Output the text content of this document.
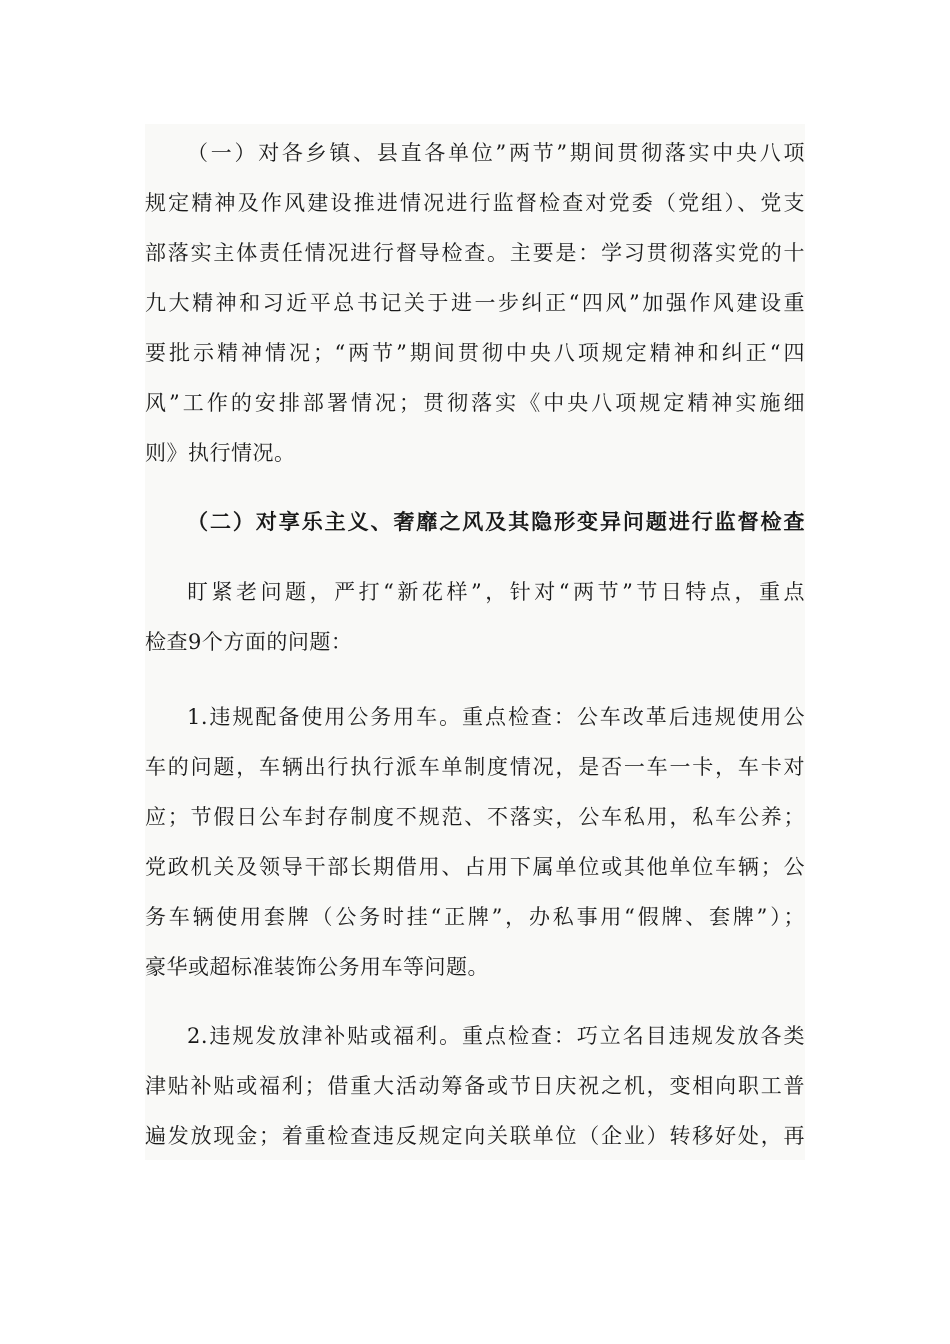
（一）对各乡镇、县直各单位”两节”期间贯彻落实中央八项
规定精神及作风建设推进情况进行监督检查对党委（党组）、党支
部落实主体责任情况进行督导检查。主要是：学习贯彻落实党的十
九大精神和习近平总书记关于进一步纠正“四风”加强作风建设重
要批示精神情况；“两节”期间贯彻中央八项规定精神和纠正“四
风”工作的安排部署情况；贯彻落实《中央八项规定精神实施细
则》执行情况。
（二）对享乐主义、奢靡之风及其隐形变异问题进行监督检查
盯紧老问题，严打“新花样”，针对“两节”节日特点，重点
检查9个方面的问题：
1.违规配备使用公务用车。重点检查：公车改革后违规使用公
车的问题，车辆出行执行派车单制度情况，是否一车一卡，车卡对
应；节假日公车封存制度不规范、不落实，公车私用，私车公养；
党政机关及领导干部长期借用、占用下属单位或其他单位车辆；公
务车辆使用套牌（公务时挂“正牌”，办私事用“假牌、套牌”）；
豪华或超标准装饰公务用车等问题。
2.违规发放津补贴或福利。重点检查：巧立名目违规发放各类
津贴补贴或福利；借重大活动筹备或节日庆祝之机，变相向职工普
遍发放现金；着重检查违反规定向关联单位（企业）转移好处，再
